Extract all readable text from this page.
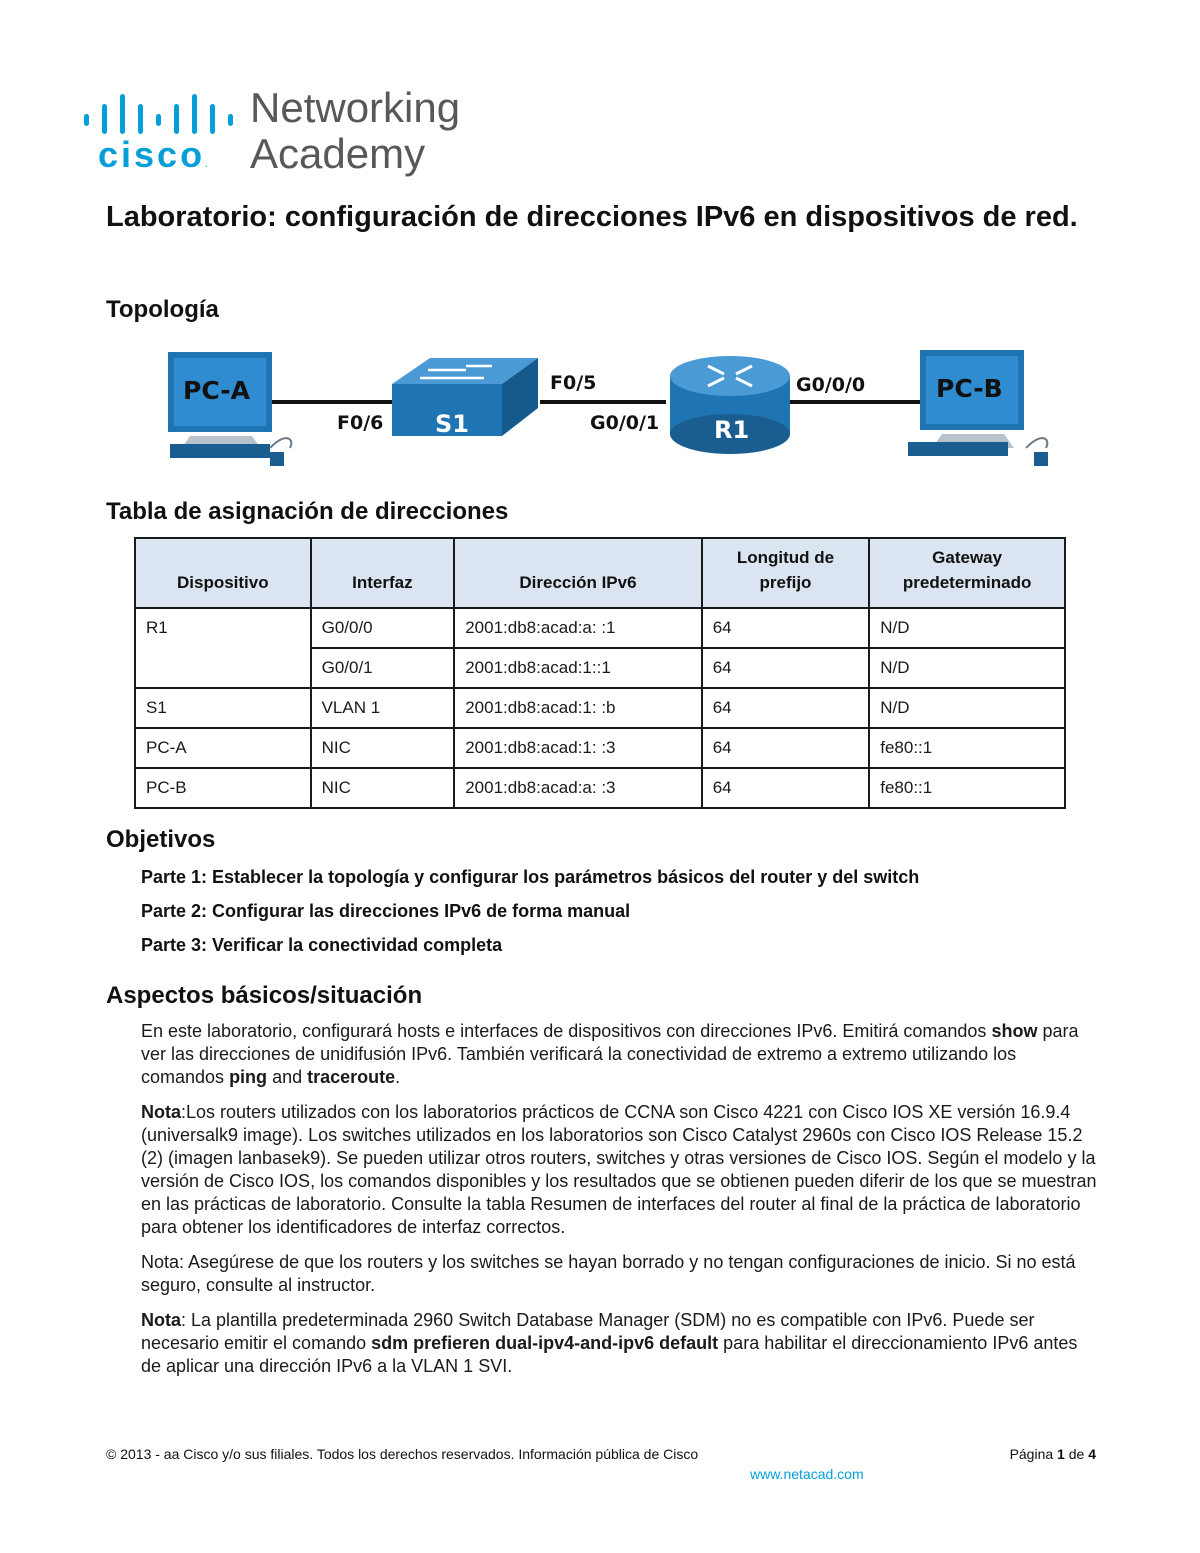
cisco.
Networking
Academy
Laboratorio: configuración de direcciones IPv6 en dispositivos de red.
Topología
PC-A
S1	R1
PC-B
F0/6
F0/5
G0/0/1
G0/0/0
Tabla de asignación de direcciones
Dispositivo	Interfaz	Dirección IPv6	Longitud de prefijo	Gateway predeterminado
R1	G0/0/0	2001:db8:acad:a: :1	64	N/D
	G0/0/1	2001:db8:acad:1::1	64	N/D
S1	VLAN 1	2001:db8:acad:1: :b	64	N/D
PC-A	NIC	2001:db8:acad:1: :3	64	fe80::1
PC-B	NIC	2001:db8:acad:a: :3	64	fe80::1
Objetivos

Parte 1: Establecer la topología y configurar los parámetros básicos del router y del switch

Parte 2: Configurar las direcciones IPv6 de forma manual

Parte 3: Verificar la conectividad completa

Aspectos básicos/situación

En este laboratorio, configurará hosts e interfaces de dispositivos con direcciones IPv6. Emitirá comandos show para ver las direcciones de unidifusión IPv6. También verificará la conectividad de extremo a extremo utilizando los comandos ping and traceroute.

Nota:Los routers utilizados con los laboratorios prácticos de CCNA son Cisco 4221 con Cisco IOS XE versión 16.9.4 (universalk9 image). Los switches utilizados en los laboratorios son Cisco Catalyst 2960s con Cisco IOS Release 15.2 (2) (imagen lanbasek9). Se pueden utilizar otros routers, switches y otras versiones de Cisco IOS. Según el modelo y la versión de Cisco IOS, los comandos disponibles y los resultados que se obtienen pueden diferir de los que se muestran en las prácticas de laboratorio. Consulte la tabla Resumen de interfaces del router al final de la práctica de laboratorio para obtener los identificadores de interfaz correctos.

Nota: Asegúrese de que los routers y los switches se hayan borrado y no tengan configuraciones de inicio. Si no está seguro, consulte al instructor.

Nota: La plantilla predeterminada 2960 Switch Database Manager (SDM) no es compatible con IPv6. Puede ser necesario emitir el comando sdm prefieren dual-ipv4-and-ipv6 default para habilitar el direccionamiento IPv6 antes de aplicar una dirección IPv6 a la VLAN 1 SVI.

© 2013 - aa Cisco y/o sus filiales. Todos los derechos reservados. Información pública de Cisco	Página 1 de 4
www.netacad.com
